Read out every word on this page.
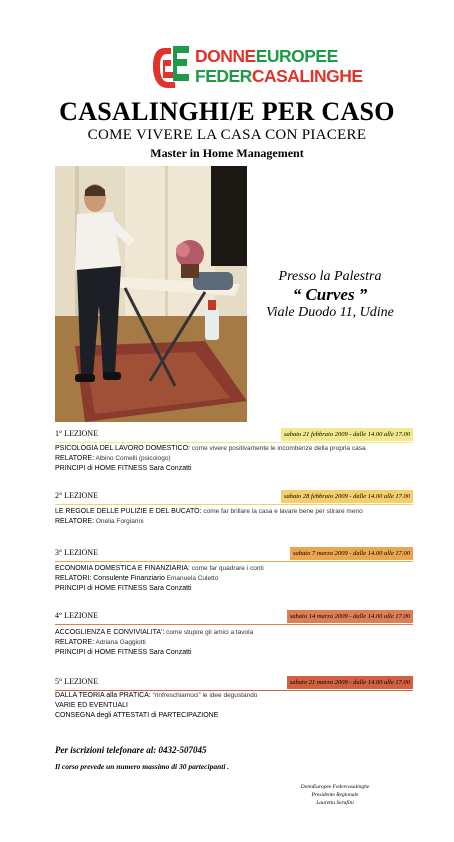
DONNEEUROPEE
FEDERCASALINGHE
CASALINGHI/E PER CASO
COME VIVERE LA CASA CON PIACERE
Master in Home Management
Presso la Palestra
“ Curves ”
Viale Duodo 11, Udine
1° LEZIONE	sabato 21 febbraio 2009 - dalle 14.00 alle 17.00
PSICOLOGIA DEL LAVORO DOMESTICO: come vivere positivamente le incombenze della propria casa
RELATORE: Albino Comelli (psicologo)
PRINCIPI di HOME FITNESS Sara Conzatti
2° LEZIONE	sabato 28 febbraio 2009 - dalle 14.00 alle 17.00
LE REGOLE DELLE PULIZIE E DEL BUCATO: come far brillare la casa e lavare bene per stirare meno
RELATORE: Onelia Forgiarini
3° LEZIONE	sabato 7 marzo 2009 - dalle 14.00 alle 17.00
ECONOMIA DOMESTICA E FINANZIARIA: come far quadrare i conti
RELATORI: Consulente Finanziario Emanuela Culetto
PRINCIPI di HOME FITNESS Sara Conzatti
4° LEZIONE	sabato 14 marzo 2009 - dalle 14.00 alle 17.00
ACCOGLIENZA E CONVIVIALITA': come stupire gli amici a tavola
RELATORE: Adriana Gaggiotti
PRINCIPI di HOME FITNESS Sara Conzatti
5° LEZIONE	sabato 21 marzo 2009 - dalle 14.00 alle 17.00
DALLA TEORIA alla PRATICA: “rinfreschiamoci” le idee degustando
VARIE ED EVENTUALI
CONSEGNA degli ATTESTATI di PARTECIPAZIONE
Per iscrizioni telefonare al: 0432-507045
Il corso prevede un numero massimo di 30 partecipanti .
DonnEuropee Federcasalinghe
Presidente Regionale
Lauretta Serafini
